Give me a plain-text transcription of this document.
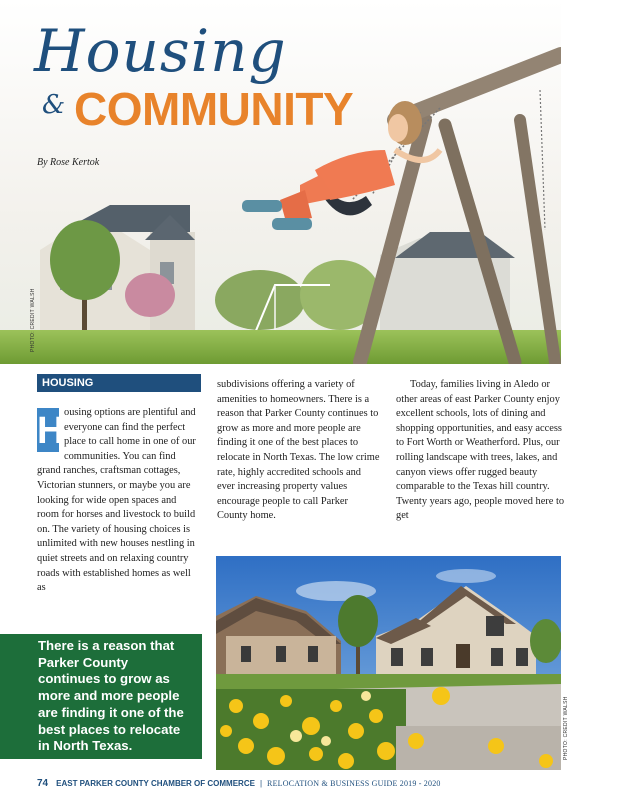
PHOTO: CREDIT WALSH
Housing
& COMMUNITY
By Rose Kertok
HOUSING
H ousing options are plentiful and everyone can find the perfect place to call home in one of our communities. You can find grand ranches, craftsman cottages, Victorian stunners, or maybe you are looking for wide open spaces and room for horses and livestock to build on. The variety of housing choices is unlimited with new houses nestling in quiet streets and on relaxing country roads with established homes as well as

subdivisions offering a variety of amenities to homeowners. There is a reason that Parker County continues to grow as more and more people are finding it one of the best places to relocate in North Texas. The low crime rate, highly accredited schools and ever increasing property values encourage people to call Parker County home.

Today, families living in Aledo or other areas of east Parker County enjoy excellent schools, lots of dining and shopping opportunities, and easy access to Fort Worth or Weatherford. Plus, our rolling landscape with trees, lakes, and canyon views offer rugged beauty comparable to the Texas hill country. Twenty years ago, people moved here to get

There is a reason that Parker County continues to grow as more and more people are finding it one of the best places to relocate in North Texas.	PHOTO: CREDIT WALSH
74 EAST PARKER COUNTY CHAMBER OF COMMERCE | RELOCATION & BUSINESS GUIDE 2019 - 2020
